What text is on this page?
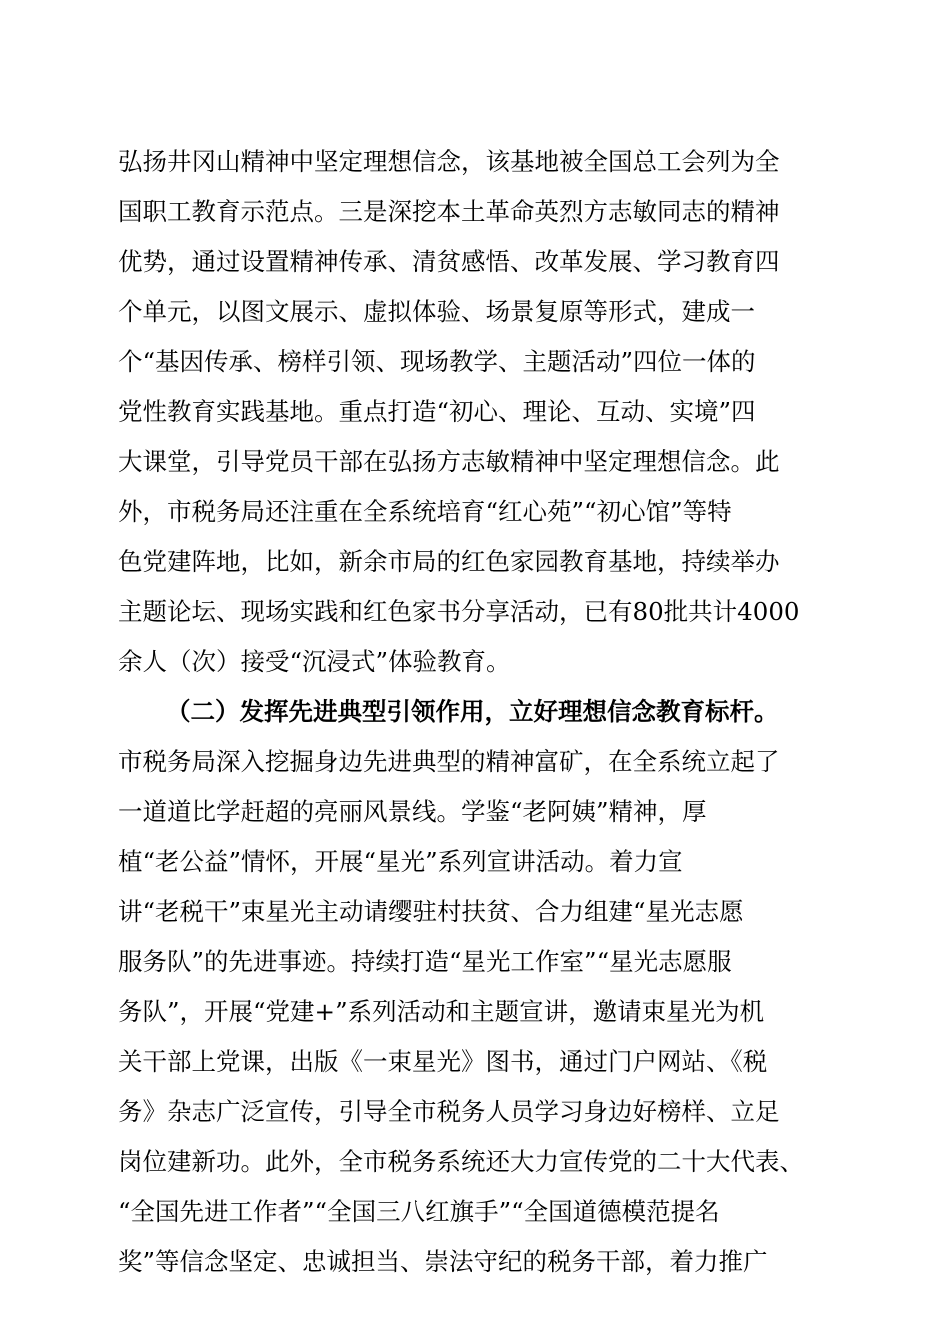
弘扬井冈山精神中坚定理想信念，该基地被全国总工会列为全
国职工教育示范点。三是深挖本土革命英烈方志敏同志的精神
优势，通过设置精神传承、清贫感悟、改革发展、学习教育四
个单元，以图文展示、虚拟体验、场景复原等形式，建成一
个“基因传承、榜样引领、现场教学、主题活动”四位一体的
党性教育实践基地。重点打造“初心、理论、互动、实境”四
大课堂，引导党员干部在弘扬方志敏精神中坚定理想信念。此
外，市税务局还注重在全系统培育“红心苑”“初心馆”等特
色党建阵地，比如，新余市局的红色家园教育基地，持续举办
主题论坛、现场实践和红色家书分享活动，已有80批共计4000
余人（次）接受“沉浸式”体验教育。
（二）发挥先进典型引领作用，立好理想信念教育标杆。
市税务局深入挖掘身边先进典型的精神富矿，在全系统立起了
一道道比学赶超的亮丽风景线。学鉴“老阿姨”精神，厚
植“老公益”情怀，开展“星光”系列宣讲活动。着力宣
讲“老税干”束星光主动请缨驻村扶贫、合力组建“星光志愿
服务队”的先进事迹。持续打造“星光工作室”“星光志愿服
务队”，开展“党建+”系列活动和主题宣讲，邀请束星光为机
关干部上党课，出版《一束星光》图书，通过门户网站、《税
务》杂志广泛宣传，引导全市税务人员学习身边好榜样、立足
岗位建新功。此外，全市税务系统还大力宣传党的二十大代表、
“全国先进工作者”“全国三八红旗手”“全国道德模范提名
奖”等信念坚定、忠诚担当、崇法守纪的税务干部，着力推广
